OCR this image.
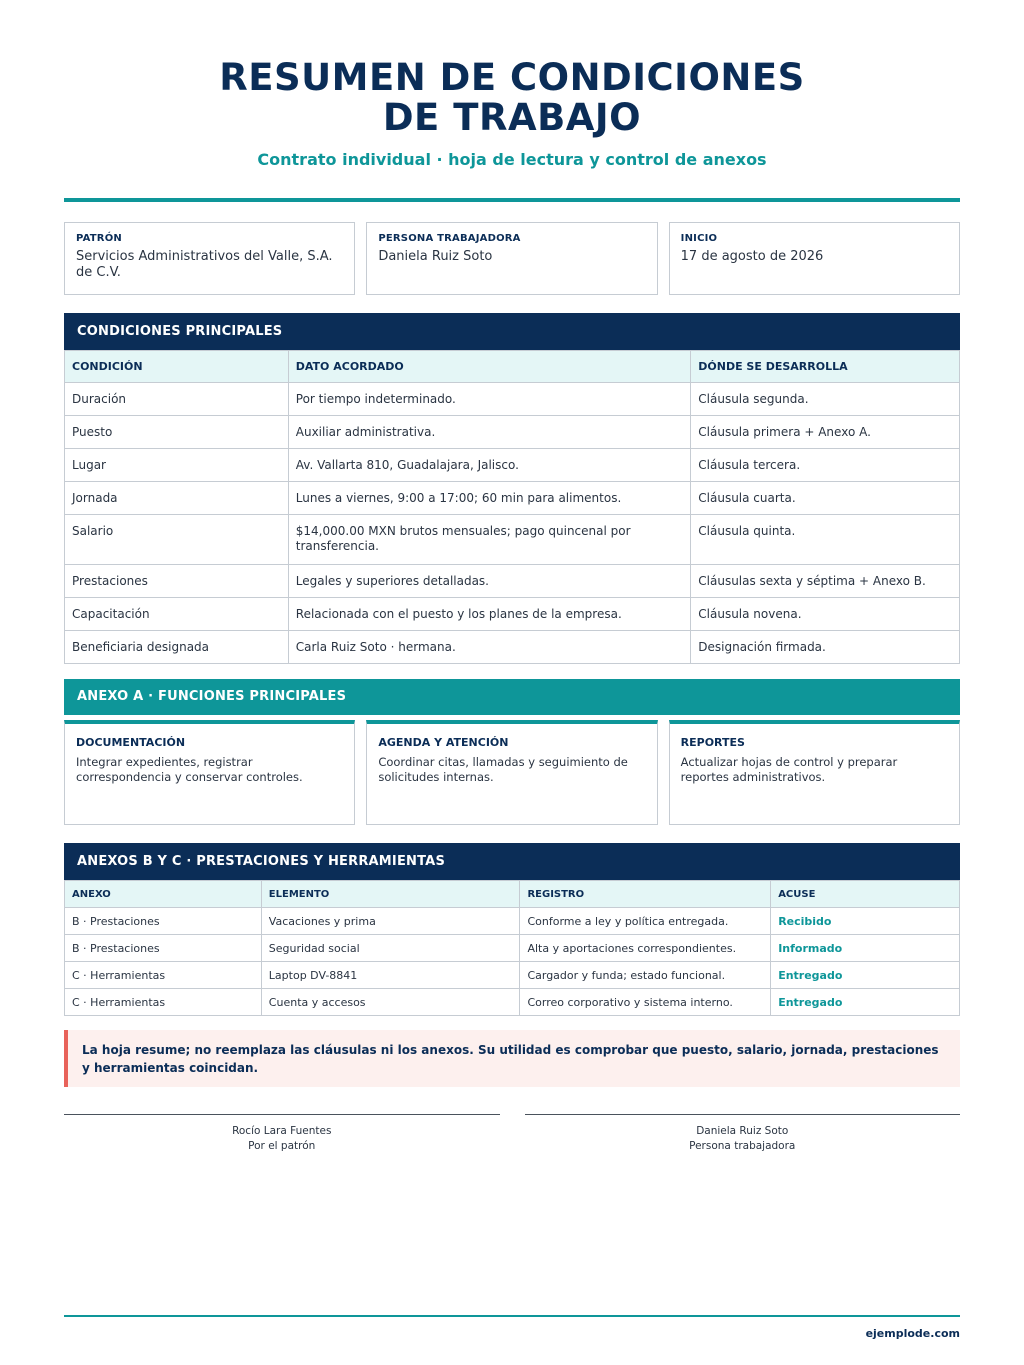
RESUMEN DE CONDICIONES
DE TRABAJO
Contrato individual · hoja de lectura y control de anexos
PATRÓN
Servicios Administrativos del Valle, S.A. de C.V.
PERSONA TRABAJADORA
Daniela Ruiz Soto
INICIO
17 de agosto de 2026
CONDICIONES PRINCIPALES
CONDICIÓN	DATO ACORDADO	DÓNDE SE DESARROLLA
Duración	Por tiempo indeterminado.	Cláusula segunda.
Puesto	Auxiliar administrativa.	Cláusula primera + Anexo A.
Lugar	Av. Vallarta 810, Guadalajara, Jalisco.	Cláusula tercera.
Jornada	Lunes a viernes, 9:00 a 17:00; 60 min para alimentos.	Cláusula cuarta.
Salario	$14,000.00 MXN brutos mensuales; pago quincenal por transferencia.	Cláusula quinta.
Prestaciones	Legales y superiores detalladas.	Cláusulas sexta y séptima + Anexo B.
Capacitación	Relacionada con el puesto y los planes de la empresa.	Cláusula novena.
Beneficiaria designada	Carla Ruiz Soto · hermana.	Designación firmada.
ANEXO A · FUNCIONES PRINCIPALES
DOCUMENTACIÓN
Integrar expedientes, registrar correspondencia y conservar controles.
AGENDA Y ATENCIÓN
Coordinar citas, llamadas y seguimiento de solicitudes internas.
REPORTES
Actualizar hojas de control y preparar reportes administrativos.
ANEXOS B Y C · PRESTACIONES Y HERRAMIENTAS
ANEXO	ELEMENTO	REGISTRO	ACUSE
B · Prestaciones	Vacaciones y prima	Conforme a ley y política entregada.	Recibido
B · Prestaciones	Seguridad social	Alta y aportaciones correspondientes.	Informado
C · Herramientas	Laptop DV-8841	Cargador y funda; estado funcional.	Entregado
C · Herramientas	Cuenta y accesos	Correo corporativo y sistema interno.	Entregado
La hoja resume; no reemplaza las cláusulas ni los anexos. Su utilidad es comprobar que puesto, salario, jornada, prestaciones y herramientas coincidan.
Rocío Lara Fuentes
Por el patrón
Daniela Ruiz Soto
Persona trabajadora
ejemplode.com
